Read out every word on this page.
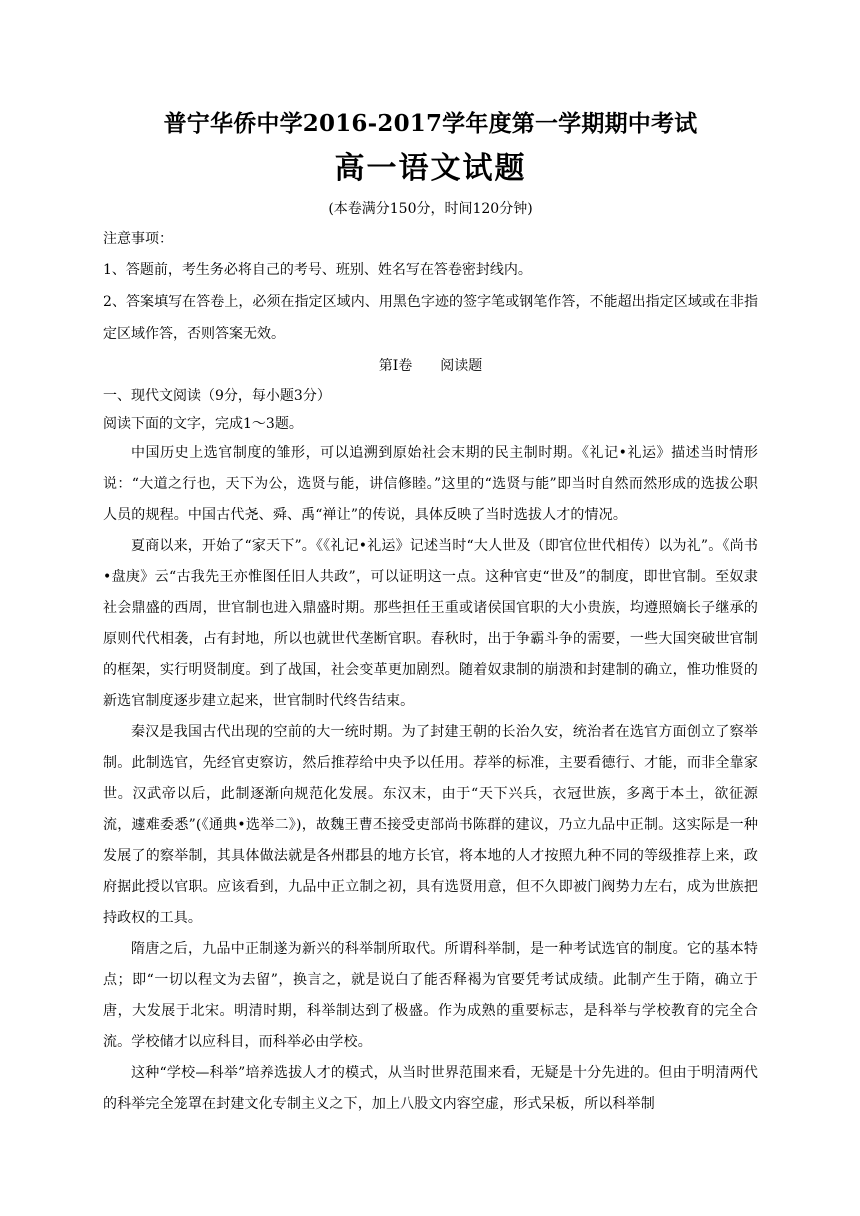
普宁华侨中学2016-2017学年度第一学期期中考试
高一语文试题

(本卷满分150分，时间120分钟)

注意事项：

1、答题前，考生务必将自己的考号、班别、姓名写在答卷密封线内。

2、答案填写在答卷上，必须在指定区域内、用黑色字迹的签字笔或钢笔作答，不能超出指定区域或在非指定区域作答，否则答案无效。

第Ⅰ卷　　阅读题

一、现代文阅读（9分，每小题3分）

阅读下面的文字，完成1～3题。

中国历史上选官制度的雏形，可以追溯到原始社会末期的民主制时期。《礼记•礼运》描述当时情形说：“大道之行也，天下为公，选贤与能，讲信修睦。”这里的“选贤与能”即当时自然而然形成的选拔公职人员的规程。中国古代尧、舜、禹“禅让”的传说，具体反映了当时选拔人才的情况。

夏商以来，开始了“家天下”。《《礼记•礼运》记述当时“大人世及（即官位世代相传）以为礼”。《尚书•盘庚》云“古我先王亦惟图任旧人共政”，可以证明这一点。这种官吏“世及”的制度，即世官制。至奴隶社会鼎盛的西周，世官制也进入鼎盛时期。那些担任王重或诸侯国官职的大小贵族，均遵照嫡长子继承的原则代代相袭，占有封地，所以也就世代垄断官职。春秋时，出于争霸斗争的需要，一些大国突破世官制的框架，实行明贤制度。到了战国，社会变革更加剧烈。随着奴隶制的崩溃和封建制的确立，惟功惟贤的新选官制度逐步建立起来，世官制时代终告结束。

秦汉是我国古代出现的空前的大一统时期。为了封建王朝的长治久安，统治者在选官方面创立了察举制。此制选官，先经官吏察访，然后推荐给中央予以任用。荐举的标准，主要看德行、才能，而非全靠家世。汉武帝以后，此制逐渐向规范化发展。东汉末，由于“天下兴兵，衣冠世族，多离于本土，欲征源流，遽难委悉”(《通典•选举二》)，故魏王曹丕接受吏部尚书陈群的建议，乃立九品中正制。这实际是一种发展了的察举制，其具体做法就是各州郡县的地方长官，将本地的人才按照九种不同的等级推荐上来，政府据此授以官职。应该看到，九品中正立制之初，具有选贤用意，但不久即被门阀势力左右，成为世族把持政权的工具。

隋唐之后，九品中正制遂为新兴的科举制所取代。所谓科举制，是一种考试选官的制度。它的基本特点；即“一切以程文为去留”，换言之，就是说白了能否释褐为官要凭考试成绩。此制产生于隋，确立于唐，大发展于北宋。明清时期，科举制达到了极盛。作为成熟的重要标志，是科举与学校教育的完全合流。学校储才以应科目，而科举必由学校。

这种“学校—科举”培养选拔人才的模式，从当时世界范围来看，无疑是十分先进的。但由于明清两代的科举完全笼罩在封建文化专制主义之下，加上八股文内容空虚，形式呆板，所以科举制
